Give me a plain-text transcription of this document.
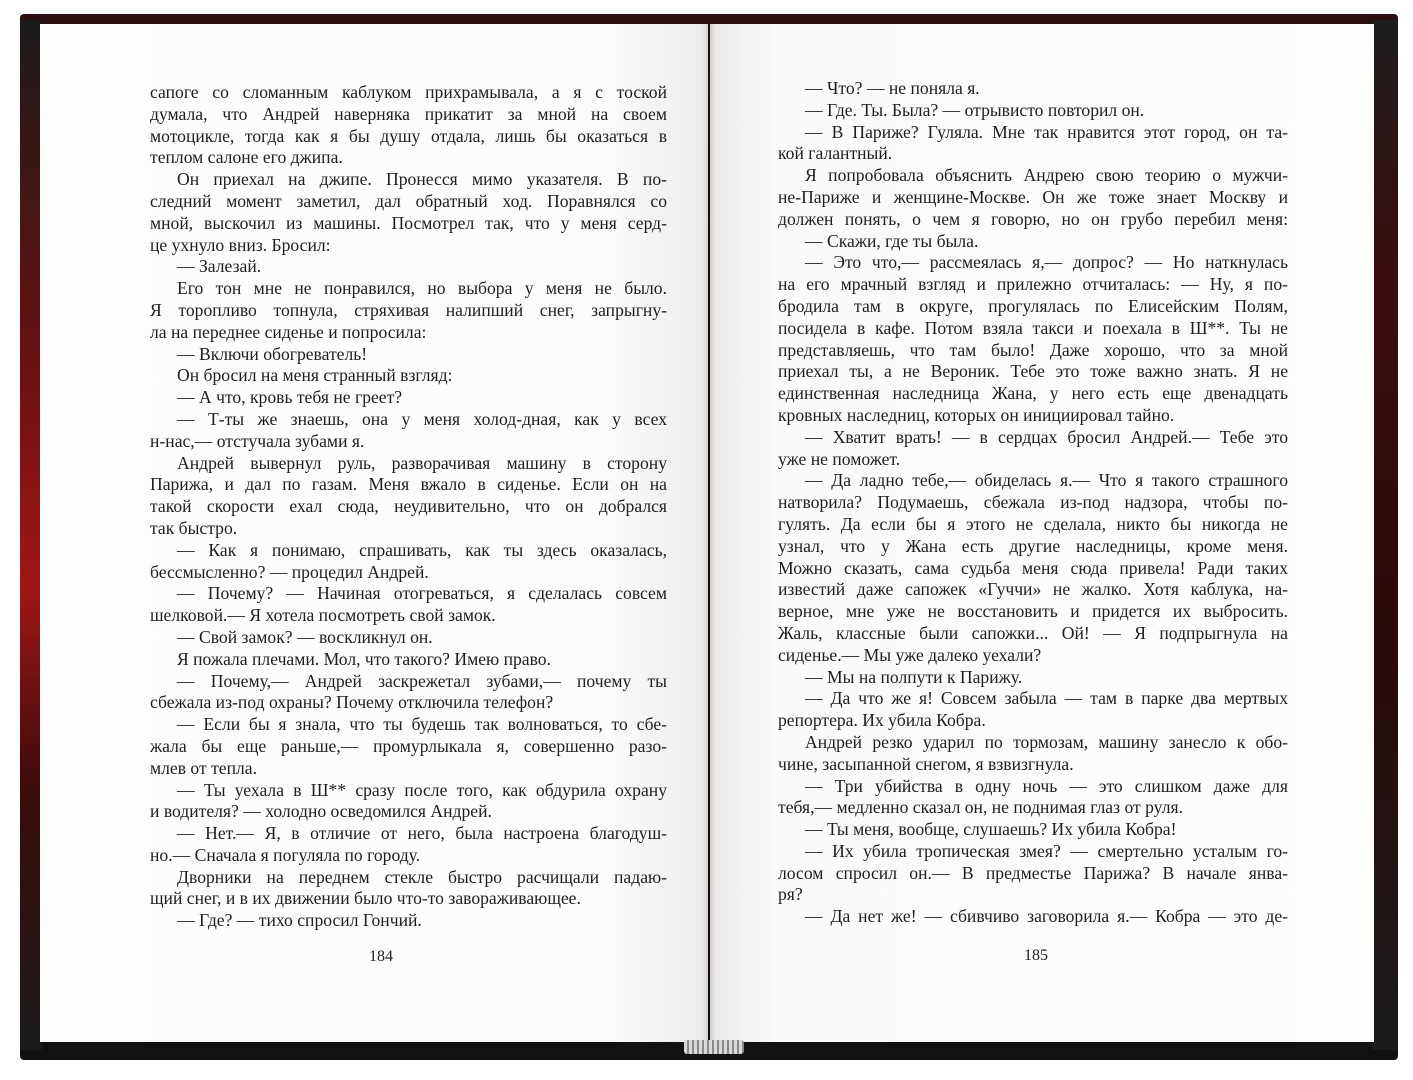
сапоге со сломанным каблуком прихрамывала, а я с тоской
думала, что Андрей наверняка прикатит за мной на своем
мотоцикле, тогда как я бы душу отдала, лишь бы оказаться в
теплом салоне его джипа.
Он приехал на джипе. Пронесся мимо указателя. В по-
следний момент заметил, дал обратный ход. Поравнялся со
мной, выскочил из машины. Посмотрел так, что у меня серд-
це ухнуло вниз. Бросил:
— Залезай.
Его тон мне не понравился, но выбора у меня не было.
Я торопливо топнула, стряхивая налипший снег, запрыгну-
ла на переднее сиденье и попросила:
— Включи обогреватель!
Он бросил на меня странный взгляд:
— А что, кровь тебя не греет?
— Т-ты же знаешь, она у меня холод-дная, как у всех
н-нас,— отстучала зубами я.
Андрей вывернул руль, разворачивая машину в сторону
Парижа, и дал по газам. Меня вжало в сиденье. Если он на
такой скорости ехал сюда, неудивительно, что он добрался
так быстро.
— Как я понимаю, спрашивать, как ты здесь оказалась,
бессмысленно? — процедил Андрей.
— Почему? — Начиная отогреваться, я сделалась совсем
шелковой.— Я хотела посмотреть свой замок.
— Свой замок? — воскликнул он.
Я пожала плечами. Мол, что такого? Имею право.
— Почему,— Андрей заскрежетал зубами,— почему ты
сбежала из-под охраны? Почему отключила телефон?
— Если бы я знала, что ты будешь так волноваться, то сбе-
жала бы еще раньше,— промурлыкала я, совершенно разо-
млев от тепла.
— Ты уехала в Ш** сразу после того, как обдурила охрану
и водителя? — холодно осведомился Андрей.
— Нет.— Я, в отличие от него, была настроена благодуш-
но.— Сначала я погуляла по городу.
Дворники на переднем стекле быстро расчищали падаю-
щий снег, и в их движении было что-то завораживающее.
— Где? — тихо спросил Гончий.
— Что? — не поняла я.
— Где. Ты. Была? — отрывисто повторил он.
— В Париже? Гуляла. Мне так нравится этот город, он та-
кой галантный.
Я попробовала объяснить Андрею свою теорию о мужчи-
не-Париже и женщине-Москве. Он же тоже знает Москву и
должен понять, о чем я говорю, но он грубо перебил меня:
— Скажи, где ты была.
— Это что,— рассмеялась я,— допрос? — Но наткнулась
на его мрачный взгляд и прилежно отчиталась: — Ну, я по-
бродила там в округе, прогулялась по Елисейским Полям,
посидела в кафе. Потом взяла такси и поехала в Ш**. Ты не
представляешь, что там было! Даже хорошо, что за мной
приехал ты, а не Вероник. Тебе это тоже важно знать. Я не
единственная наследница Жана, у него есть еще двенадцать
кровных наследниц, которых он инициировал тайно.
— Хватит врать! — в сердцах бросил Андрей.— Тебе это
уже не поможет.
— Да ладно тебе,— обиделась я.— Что я такого страшного
натворила? Подумаешь, сбежала из-под надзора, чтобы по-
гулять. Да если бы я этого не сделала, никто бы никогда не
узнал, что у Жана есть другие наследницы, кроме меня.
Можно сказать, сама судьба меня сюда привела! Ради таких
известий даже сапожек «Гуччи» не жалко. Хотя каблука, на-
верное, мне уже не восстановить и придется их выбросить.
Жаль, классные были сапожки... Ой! — Я подпрыгнула на
сиденье.— Мы уже далеко уехали?
— Мы на полпути к Парижу.
— Да что же я! Совсем забыла — там в парке два мертвых
репортера. Их убила Кобра.
Андрей резко ударил по тормозам, машину занесло к обо-
чине, засыпанной снегом, я взвизгнула.
— Три убийства в одну ночь — это слишком даже для
тебя,— медленно сказал он, не поднимая глаз от руля.
— Ты меня, вообще, слушаешь? Их убила Кобра!
— Их убила тропическая змея? — смертельно усталым го-
лосом спросил он.— В предместье Парижа? В начале янва-
ря?
— Да нет же! — сбивчиво заговорила я.— Кобра — это де-
184	185
